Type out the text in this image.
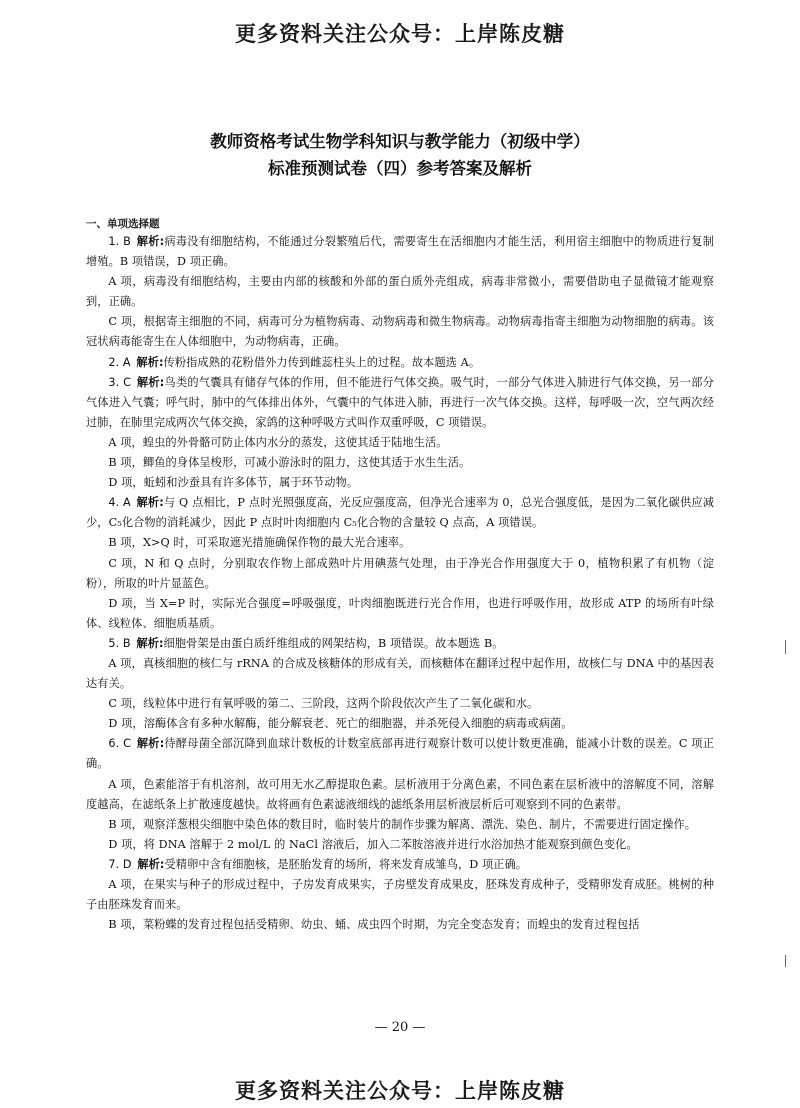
更多资料关注公众号：上岸陈皮糖
教师资格考试生物学科知识与教学能力（初级中学）
标准预测试卷（四）参考答案及解析
一、单项选择题

1. B  解析:病毒没有细胞结构，不能通过分裂繁殖后代，需要寄生在活细胞内才能生活，利用宿主细胞中的物质进行复制增殖。B 项错误，D 项正确。

A 项，病毒没有细胞结构，主要由内部的核酸和外部的蛋白质外壳组成，病毒非常微小，需要借助电子显微镜才能观察到，正确。

C 项，根据寄主细胞的不同，病毒可分为植物病毒、动物病毒和微生物病毒。动物病毒指寄主细胞为动物细胞的病毒。该冠状病毒能寄生在人体细胞中，为动物病毒，正确。

2. A  解析:传粉指成熟的花粉借外力传到雌蕊柱头上的过程。故本题选 A。

3. C  解析:鸟类的气囊具有储存气体的作用，但不能进行气体交换。吸气时，一部分气体进入肺进行气体交换，另一部分气体进入气囊；呼气时，肺中的气体排出体外，气囊中的气体进入肺，再进行一次气体交换。这样，每呼吸一次，空气两次经过肺，在肺里完成两次气体交换，家鸽的这种呼吸方式叫作双重呼吸，C 项错误。

A 项，蝗虫的外骨骼可防止体内水分的蒸发，这使其适于陆地生活。

B 项，鲫鱼的身体呈梭形，可减小游泳时的阻力，这使其适于水生生活。

D 项，蚯蚓和沙蚕具有许多体节，属于环节动物。

4. A  解析:与 Q 点相比，P 点时光照强度高，光反应强度高，但净光合速率为 0，总光合强度低，是因为二氧化碳供应减少，C₅化合物的消耗减少，因此 P 点时叶肉细胞内 C₅化合物的含量较 Q 点高，A 项错误。

B 项，X>Q 时，可采取遮光措施确保作物的最大光合速率。

C 项，N 和 Q 点时，分别取农作物上部成熟叶片用碘蒸气处理，由于净光合作用强度大于 0，植物积累了有机物（淀粉），所取的叶片显蓝色。

D 项，当 X=P 时，实际光合强度=呼吸强度，叶肉细胞既进行光合作用，也进行呼吸作用，故形成 ATP 的场所有叶绿体、线粒体、细胞质基质。

5. B  解析:细胞骨架是由蛋白质纤维组成的网架结构，B 项错误。故本题选 B。

A 项，真核细胞的核仁与 rRNA 的合成及核糖体的形成有关，而核糖体在翻译过程中起作用，故核仁与 DNA 中的基因表达有关。

C 项，线粒体中进行有氧呼吸的第二、三阶段，这两个阶段依次产生了二氧化碳和水。

D 项，溶酶体含有多种水解酶，能分解衰老、死亡的细胞器，并杀死侵入细胞的病毒或病菌。

6. C  解析:待酵母菌全部沉降到血球计数板的计数室底部再进行观察计数可以使计数更准确，能减小计数的误差。C 项正确。

A 项，色素能溶于有机溶剂，故可用无水乙醇提取色素。层析液用于分离色素，不同色素在层析液中的溶解度不同，溶解度越高，在滤纸条上扩散速度越快。故将画有色素滤液细线的滤纸条用层析液层析后可观察到不同的色素带。

B 项，观察洋葱根尖细胞中染色体的数目时，临时装片的制作步骤为解离、漂洗、染色、制片，不需要进行固定操作。

D 项，将 DNA 溶解于 2 mol/L 的 NaCl 溶液后，加入二苯胺溶液并进行水浴加热才能观察到颜色变化。

7. D  解析:受精卵中含有细胞核，是胚胎发育的场所，将来发育成雏鸟，D 项正确。

A 项，在果实与种子的形成过程中，子房发育成果实，子房壁发育成果皮，胚珠发育成种子，受精卵发育成胚。桃树的种子由胚珠发育而来。

B 项，菜粉蝶的发育过程包括受精卵、幼虫、蛹、成虫四个时期，为完全变态发育；而蝗虫的发育过程包括

— 20 —
更多资料关注公众号：上岸陈皮糖
